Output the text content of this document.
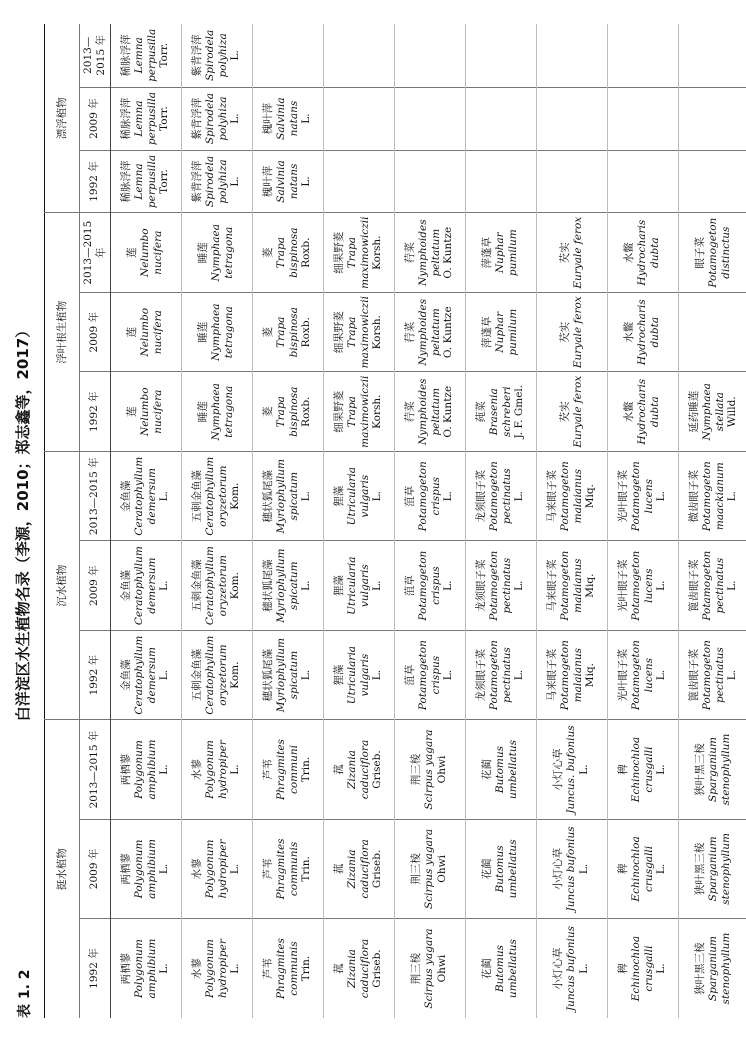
表 1. 2
白洋淀区水生植物名录（李源，2010；郑志鑫等，2017）
挺水植物			沉水植物			浮叶根生植物			漂浮植物		
1992 年	2009 年	2013—2015 年	1992 年	2009 年	2013—2015 年	1992 年	2009 年	2013—2015 年	1992 年	2009 年	2013—2015 年

两栖蓼 Polygonum amphibium L.	两栖蓼 Polygonum amphibium L.	两栖蓼 Polygonum amphibium L.	金鱼藻 Ceratophyllum demersum L.	金鱼藻 Ceratophyllum demersum L.	金鱼藻 Ceratophyllum demersum L.	莲 Nelumbo nucifera	莲 Nelumbo nucifera	莲 Nelumbo nucifera	稀脉浮萍 Lemna perpusilla Torr.	稀脉浮萍 Lemna perpusilla Torr.	稀脉浮萍 Lemna perpusilla Torr.

水蓼 Polygonum hydropiper L.	水蓼 Polygonum hydropiper L.	水蓼 Polygonum hydropiper L.	五刺金鱼藻 Ceratophyllum oryzetorum Kom.	五刺金鱼藻 Ceratophyllum oryzetorum Kom.	五刺金鱼藻 Ceratophyllum oryzetorum Kom.	睡莲 Nymphaea tetragona	睡莲 Nymphaea tetragona	睡莲 Nymphaea tetragona	紫背浮萍 Spirodela polyhiza L.	紫背浮萍 Spirodela polyhiza L.	紫背浮萍 Spirodela polyhiza L.

芦苇 Phragmites communis Trin.	芦苇 Phragmites communis Trin.	芦苇 Phragmites communi Trin.	穗状狐尾藻 Myriophyllum spicatum L.	穗状狐尾藻 Myriophyllum spicatum L.	穗状狐尾藻 Myriophyllum spicatum L.	菱 Trapa bispinosa Roxb.	菱 Trapa bispinosa Roxb.	菱 Trapa bispinosa Roxb.	槐叶萍 Salvinia natans L.	槐叶萍 Salvinia natans L.	

菰 Zizania caduciflora Griseb.	菰 Zizania caduciflora Griseb.	菰 Zizania caduciflora Griseb.	狸藻 Utricularia vulgaris L.	狸藻 Utricularia vulgaris L.	狸藻 Utricularia vulgaris L.	细果野菱 Trapa maximowiczii Korsh.	细果野菱 Trapa maximowiczii Korsh.	细果野菱 Trapa maximowiczii Korsh.			

荆三棱 Scirpus yagara Ohwi	荆三棱 Scirpus yagara Ohwi	荆三棱 Scirpus yagara Ohwi	菹草 Potamogeton crispus L.	菹草 Potamogeton crispus L.	菹草 Potamogeton crispus L.	荇菜 Nymphoides peltatum O. Kuntze	荇菜 Nymphoides peltatum O. Kuntze	荇菜 Nymphoides peltatum O. Kuntze			

花蔺 Butomus umbellatus	花蔺 Butomus umbellatus	花蔺 Butomus umbellatus	龙须眼子菜 Potamogeton pectinatus L.	龙须眼子菜 Potamogeton pectinatus L.	龙须眼子菜 Potamogeton pectinatus L.	莼菜 Brasenia schreberi J. F. Gmel.	萍蓬草 Nuphar pumilum	萍蓬草 Nuphar pumilum			

小灯心草 Juncus bufonius L.	小灯心草 Juncus bufonius L.	小灯心草 Juncus. bufonius L.	马来眼子菜 Potamogeton malaianus Miq.	马来眼子菜 Potamogeton malaianus Miq.	马来眼子菜 Potamogeton malaianus Miq.	芡实 Euryale ferox	芡实 Euryale ferox	芡实 Euryale ferox			

稗 Echinochloa crusgalli L.	稗 Echinochloa crusgalli L.	稗 Echinochloa crusgalli L.	光叶眼子菜 Potamogeton lucens L.	光叶眼子菜 Potamogeton lucens L.	光叶眼子菜 Potamogeton lucens L.	水鳖 Hydrocharis dubta	水鳖 Hydrocharis dubta	水鳖 Hydrocharis dubta			

狭叶黑三棱 Sparganium stenophyllum	狭叶黑三棱 Sparganium stenophyllum	狭叶黑三棱 Sparganium stenophyllum	篦齿眼子菜 Potamogeton pectinatus L.	篦齿眼子菜 Potamogeton pectinatus L.	微齿眼子菜 Potamogeton maackianum L.	延药睡莲 Nymphaea stellata Willd.		眼子菜 Potamogeton distinctus			
